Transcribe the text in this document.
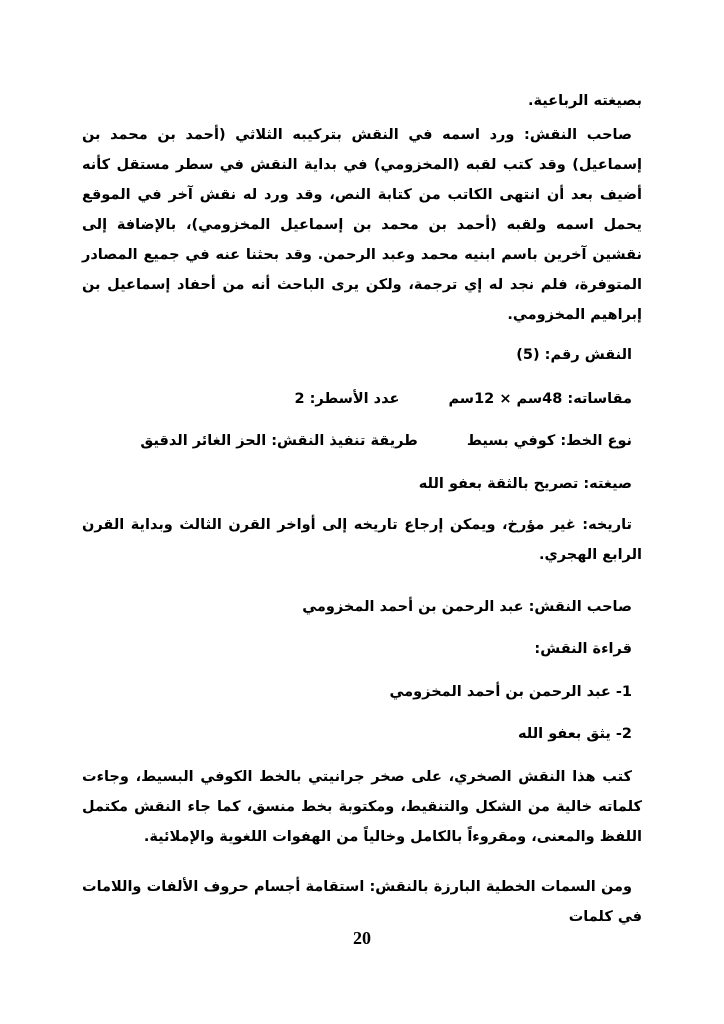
بصيغته الرباعية.

صاحب النقش: ورد اسمه في النقش بتركيبه الثلاثي (أحمد بن محمد بن إسماعيل) وقد كتب لقبه (المخزومي) في بداية النقش في سطر مستقل كأنه أضيف بعد أن انتهى الكاتب من كتابة النص، وقد ورد له نقش آخر في الموقع يحمل اسمه ولقبه (أحمد بن محمد بن إسماعيل المخزومي)، بالإضافة إلى نقشين آخرين باسم ابنيه محمد وعبد الرحمن. وقد بحثنا عنه في جميع المصادر المتوفرة، فلم نجد له إي ترجمة، ولكن يرى الباحث أنه من أحفاد إسماعيل بن إبراهيم المخزومي.

النقش رقم: (5)
مقاساته: 48سم × 12سم عدد الأسطر: 2
نوع الخط: كوفي بسيط طريقة تنفيذ النقش: الحز الغائر الدقيق
صيغته: تصريح بالثقة بعفو الله

تاريخه: غير مؤرخ، ويمكن إرجاع تاريخه إلى أواخر القرن الثالث وبداية القرن الرابع الهجري.

صاحب النقش: عبد الرحمن بن أحمد المخزومي
قراءة النقش:
1- عبد الرحمن بن أحمد المخزومي
2- يثق بعفو الله

كتب هذا النقش الصخري، على صخر جرانيتي بالخط الكوفي البسيط، وجاءت كلماته خالية من الشكل والتنقيط، ومكتوبة بخط منسق، كما جاء النقش مكتمل اللفظ والمعنى، ومقروءاً بالكامل وخالياً من الهفوات اللغوية والإملائية.

ومن السمات الخطية البارزة بالنقش: استقامة أجسام حروف الألفات واللامات في كلمات

20
